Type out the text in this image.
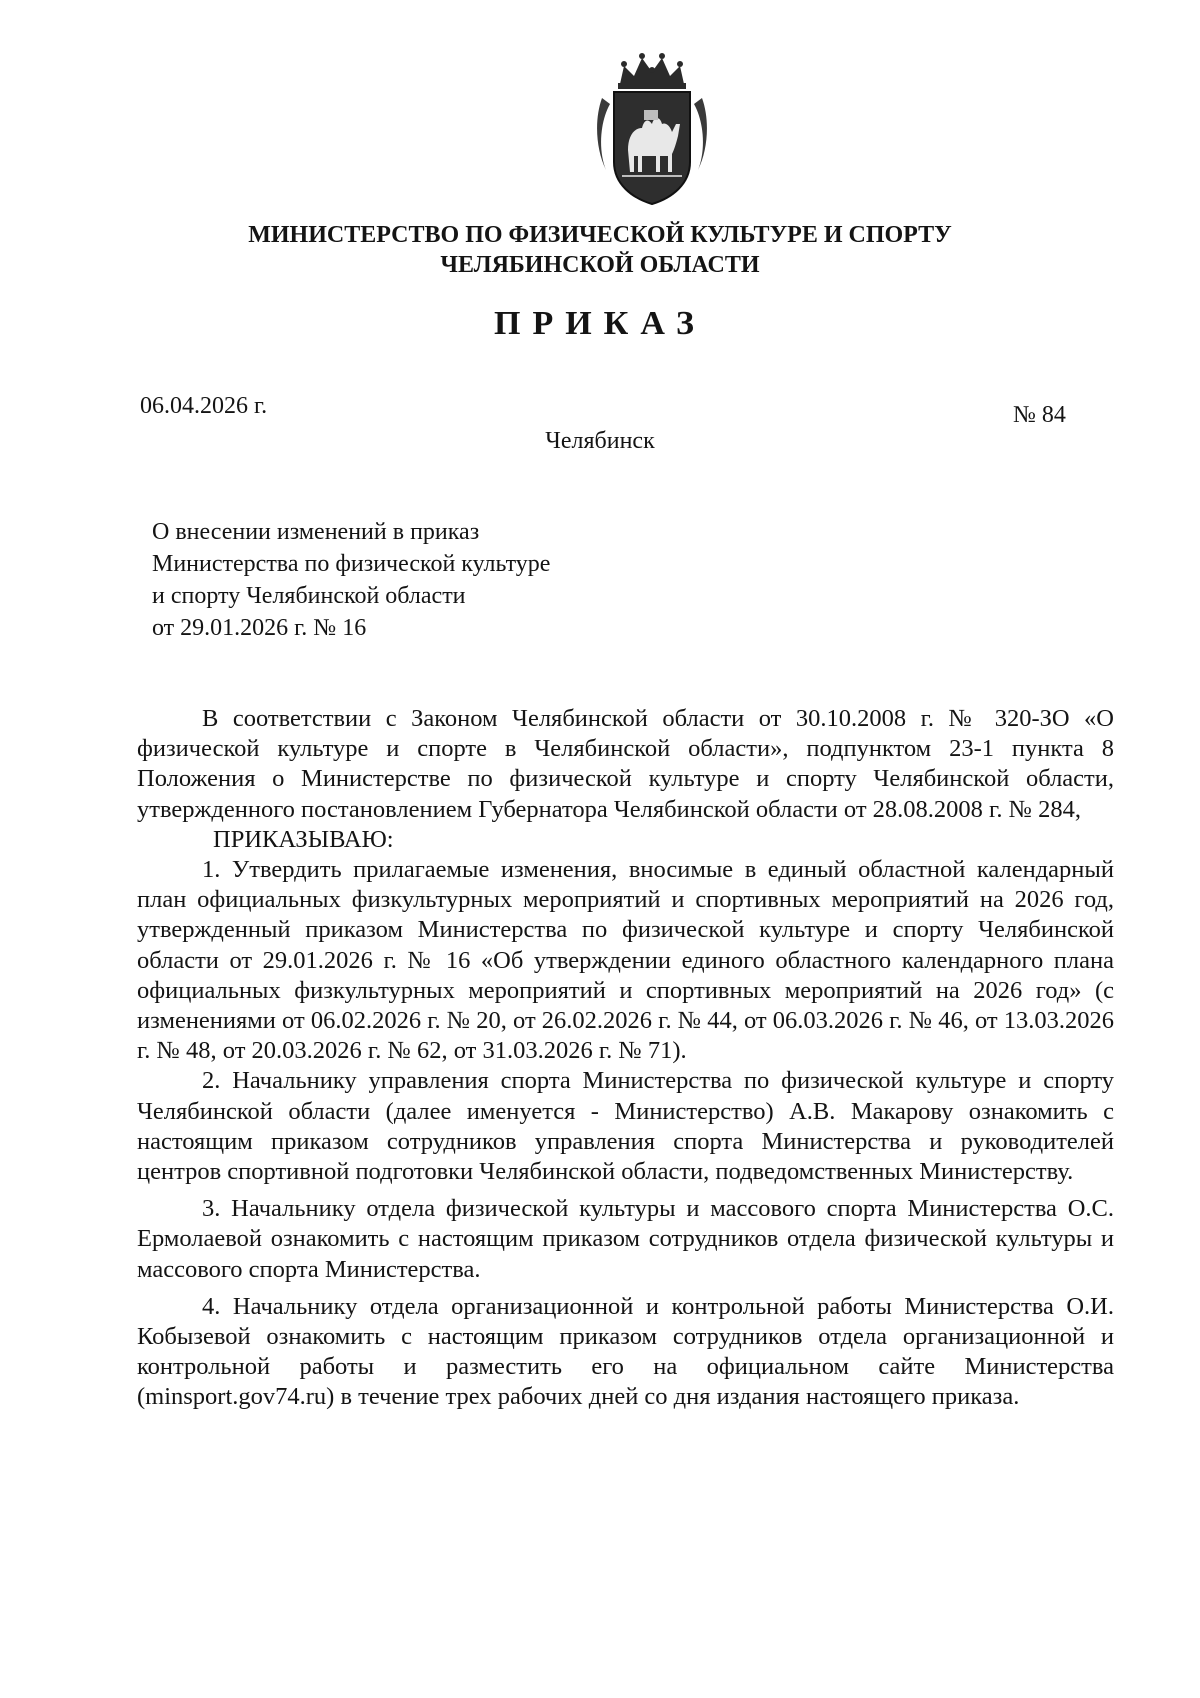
МИНИСТЕРСТВО ПО ФИЗИЧЕСКОЙ КУЛЬТУРЕ И СПОРТУ
ЧЕЛЯБИНСКОЙ ОБЛАСТИ
ПРИКАЗ
06.04.2026 г.	№ 84
Челябинск
О внесении изменений в приказ
Министерства по физической культуре
и спорту Челябинской области
от 29.01.2026 г. № 16

В соответствии с Законом Челябинской области от 30.10.2008 г. № 320-ЗО «О физической культуре и спорте в Челябинской области», подпунктом 23-1 пункта 8 Положения о Министерстве по физической культуре и спорту Челябинской области, утвержденного постановлением Губернатора Челябинской области от 28.08.2008 г. № 284,

ПРИКАЗЫВАЮ:

1. Утвердить прилагаемые изменения, вносимые в единый областной календарный план официальных физкультурных мероприятий и спортивных мероприятий на 2026 год, утвержденный приказом Министерства по физической культуре и спорту Челябинской области от 29.01.2026 г. № 16 «Об утверждении единого областного календарного плана официальных физкультурных мероприятий и спортивных мероприятий на 2026 год» (с изменениями от 06.02.2026 г. № 20, от 26.02.2026 г. № 44, от 06.03.2026 г. № 46, от 13.03.2026 г. № 48, от 20.03.2026 г. № 62, от 31.03.2026 г. № 71).

2. Начальнику управления спорта Министерства по физической культуре и спорту Челябинской области (далее именуется - Министерство) А.В. Макарову ознакомить с настоящим приказом сотрудников управления спорта Министерства и руководителей центров спортивной подготовки Челябинской области, подведомственных Министерству.

3. Начальнику отдела физической культуры и массового спорта Министерства О.С. Ермолаевой ознакомить с настоящим приказом сотрудников отдела физической культуры и массового спорта Министерства.

4. Начальнику отдела организационной и контрольной работы Министерства О.И. Кобызевой ознакомить с настоящим приказом сотрудников отдела организационной и контрольной работы и разместить его на официальном сайте Министерства (minsport.gov74.ru) в течение трех рабочих дней со дня издания настоящего приказа.
